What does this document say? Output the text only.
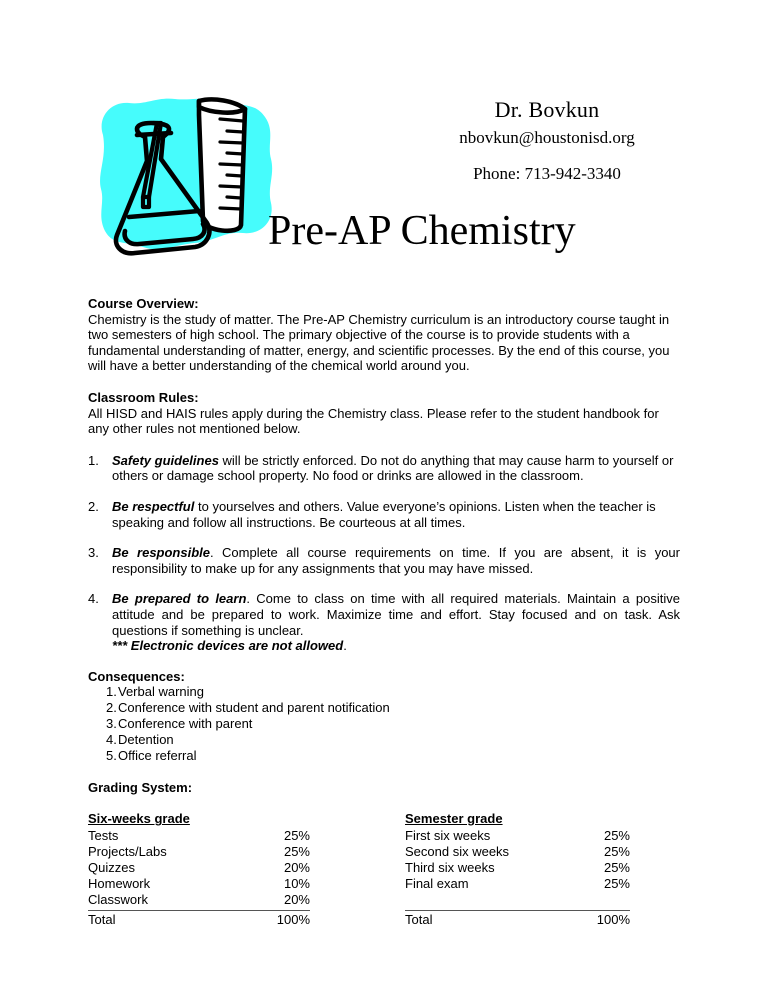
Dr. Bovkun
nbovkun@houstonisd.org
Phone: 713-942-3340
Pre-AP Chemistry
Course Overview:
Chemistry is the study of matter. The Pre-AP Chemistry curriculum is an introductory course taught in two semesters of high school. The primary objective of the course is to provide students with a fundamental understanding of matter, energy, and scientific processes. By the end of this course, you will have a better understanding of the chemical world around you.
Classroom Rules:
All HISD and HAIS rules apply during the Chemistry class. Please refer to the student handbook for any other rules not mentioned below.
1.	Safety guidelines will be strictly enforced. Do not do anything that may cause harm to yourself or others or damage school property. No food or drinks are allowed in the classroom.
2.	Be respectful to yourselves and others. Value everyone’s opinions. Listen when the teacher is speaking and follow all instructions. Be courteous at all times.
3.	Be responsible. Complete all course requirements on time. If you are absent, it is your responsibility to make up for any assignments that you may have missed.
4.	Be prepared to learn. Come to class on time with all required materials. Maintain a positive attitude and be prepared to work. Maximize time and effort. Stay focused and on task. Ask questions if something is unclear.
*** Electronic devices are not allowed.
Consequences:
1. Verbal warning
2. Conference with student and parent notification
3. Conference with parent
4. Detention
5. Office referral
Grading System:
Six-weeks grade
Tests	25%
Projects/Labs	25%
Quizzes	20%
Homework	10%
Classwork	20%
Total	100%
Semester grade
First six weeks	25%
Second six weeks	25%
Third six weeks	25%
Final exam	25%
Total	100%
